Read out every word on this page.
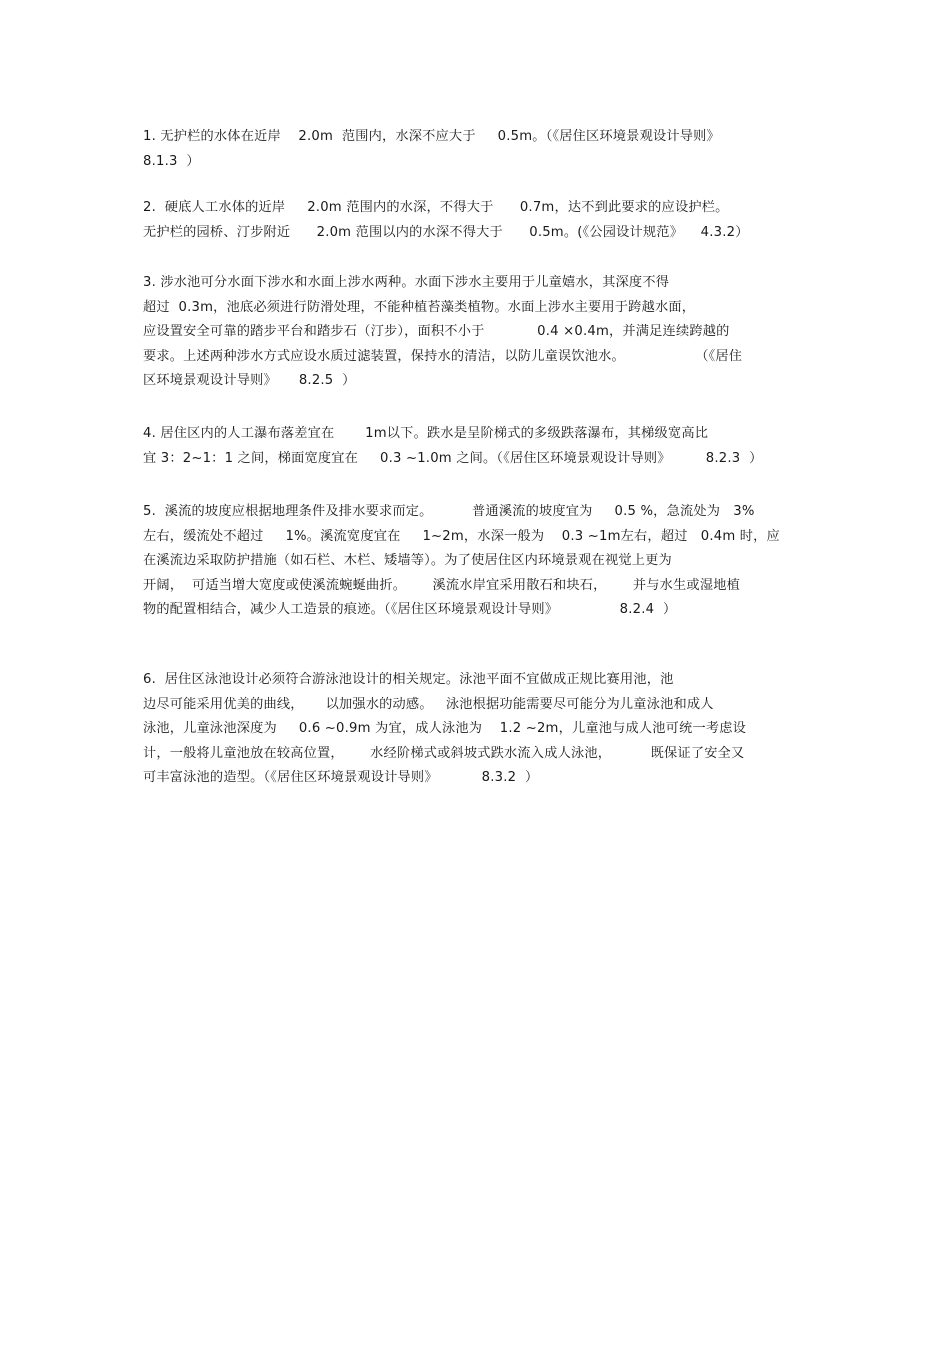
1. 无护栏的水体在近岸    2.0m  范围内，水深不应大于     0.5m。（《居住区环境景观设计导则》
8.1.3  ）
2.  硬底人工水体的近岸     2.0m 范围内的水深，不得大于      0.7m，达不到此要求的应设护栏。
无护栏的园桥、汀步附近      2.0m 范围以内的水深不得大于      0.5m。(《公园设计规范》    4.3.2）
3. 涉水池可分水面下涉水和水面上涉水两种。水面下涉水主要用于儿童嬉水，其深度不得
超过  0.3m，池底必须进行防滑处理，不能种植苔藻类植物。水面上涉水主要用于跨越水面，
应设置安全可靠的踏步平台和踏步石（汀步），面积不小于            0.4 ×0.4m，并满足连续跨越的
要求。上述两种涉水方式应设水质过滤装置，保持水的清洁，以防儿童误饮池水。                （《居住
区环境景观设计导则》     8.2.5  ）
4. 居住区内的人工瀑布落差宜在       1m以下。跌水是呈阶梯式的多级跌落瀑布，其梯级宽高比
宜 3：2~1：1 之间，梯面宽度宜在     0.3 ~1.0m 之间。（《居住区环境景观设计导则》        8.2.3  ）
5.  溪流的坡度应根据地理条件及排水要求而定。         普通溪流的坡度宜为     0.5 %，急流处为   3%
左右，缓流处不超过     1%。溪流宽度宜在     1~2m，水深一般为    0.3 ~1m左右，超过   0.4m 时，应
在溪流边采取防护措施（如石栏、木栏、矮墙等）。为了使居住区内环境景观在视觉上更为
开阔，  可适当增大宽度或使溪流蜿蜒曲折。      溪流水岸宜采用散石和块石，      并与水生或湿地植
物的配置相结合，减少人工造景的痕迹。（《居住区环境景观设计导则》              8.2.4  ）
6.  居住区泳池设计必须符合游泳池设计的相关规定。泳池平面不宜做成正规比赛用池，池
边尽可能采用优美的曲线，     以加强水的动感。   泳池根据功能需要尽可能分为儿童泳池和成人
泳池，儿童泳池深度为     0.6 ~0.9m 为宜，成人泳池为    1.2 ~2m，儿童池与成人池可统一考虑设
计，一般将儿童池放在较高位置，      水经阶梯式或斜坡式跌水流入成人泳池，         既保证了安全又
可丰富泳池的造型。（《居住区环境景观设计导则》          8.3.2  ）
